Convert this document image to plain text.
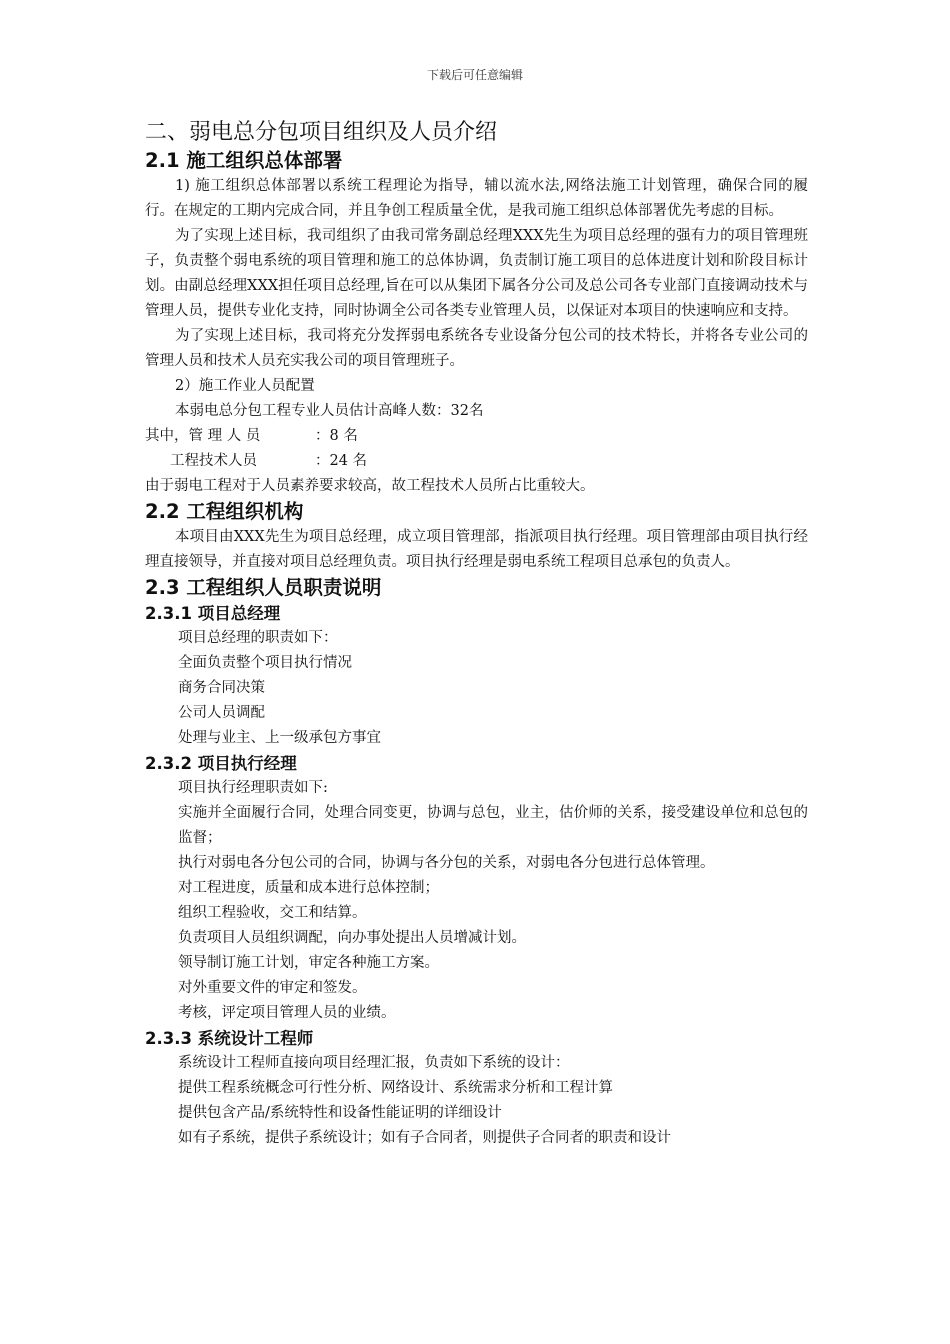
下载后可任意编辑
二、弱电总分包项目组织及人员介绍
2.1 施工组织总体部署

1) 施工组织总体部署以系统工程理论为指导，辅以流水法,网络法施工计划管理，确保合同的履行。在规定的工期内完成合同，并且争创工程质量全优，是我司施工组织总体部署优先考虑的目标。

为了实现上述目标，我司组织了由我司常务副总经理XXX先生为项目总经理的强有力的项目管理班子，负责整个弱电系统的项目管理和施工的总体协调，负责制订施工项目的总体进度计划和阶段目标计划。由副总经理XXX担任项目总经理,旨在可以从集团下属各分公司及总公司各专业部门直接调动技术与管理人员，提供专业化支持，同时协调全公司各类专业管理人员，以保证对本项目的快速响应和支持。

为了实现上述目标，我司将充分发挥弱电系统各专业设备分包公司的技术特长，并将各专业公司的管理人员和技术人员充实我公司的项目管理班子。

2）施工作业人员配置

本弱电总分包工程专业人员估计高峰人数：32名

其中，管 理 人 员	：8 名
工程技术人员	：24 名

由于弱电工程对于人员素养要求较高，故工程技术人员所占比重较大。

2.2 工程组织机构

本项目由XXX先生为项目总经理，成立项目管理部，指派项目执行经理。项目管理部由项目执行经理直接领导，并直接对项目总经理负责。项目执行经理是弱电系统工程项目总承包的负责人。

2.3 工程组织人员职责说明
2.3.1 项目总经理

项目总经理的职责如下：

全面负责整个项目执行情况

商务合同决策

公司人员调配

处理与业主、上一级承包方事宜

2.3.2 项目执行经理

项目执行经理职责如下:

实施并全面履行合同，处理合同变更，协调与总包，业主，估价师的关系，接受建设单位和总包的监督；

执行对弱电各分包公司的合同，协调与各分包的关系，对弱电各分包进行总体管理。

对工程进度，质量和成本进行总体控制；

组织工程验收，交工和结算。

负责项目人员组织调配，向办事处提出人员增减计划。

领导制订施工计划，审定各种施工方案。

对外重要文件的审定和签发。

考核，评定项目管理人员的业绩。

2.3.3 系统设计工程师

系统设计工程师直接向项目经理汇报，负责如下系统的设计：

提供工程系统概念可行性分析、网络设计、系统需求分析和工程计算

提供包含产品/系统特性和设备性能证明的详细设计

如有子系统，提供子系统设计；如有子合同者，则提供子合同者的职责和设计
